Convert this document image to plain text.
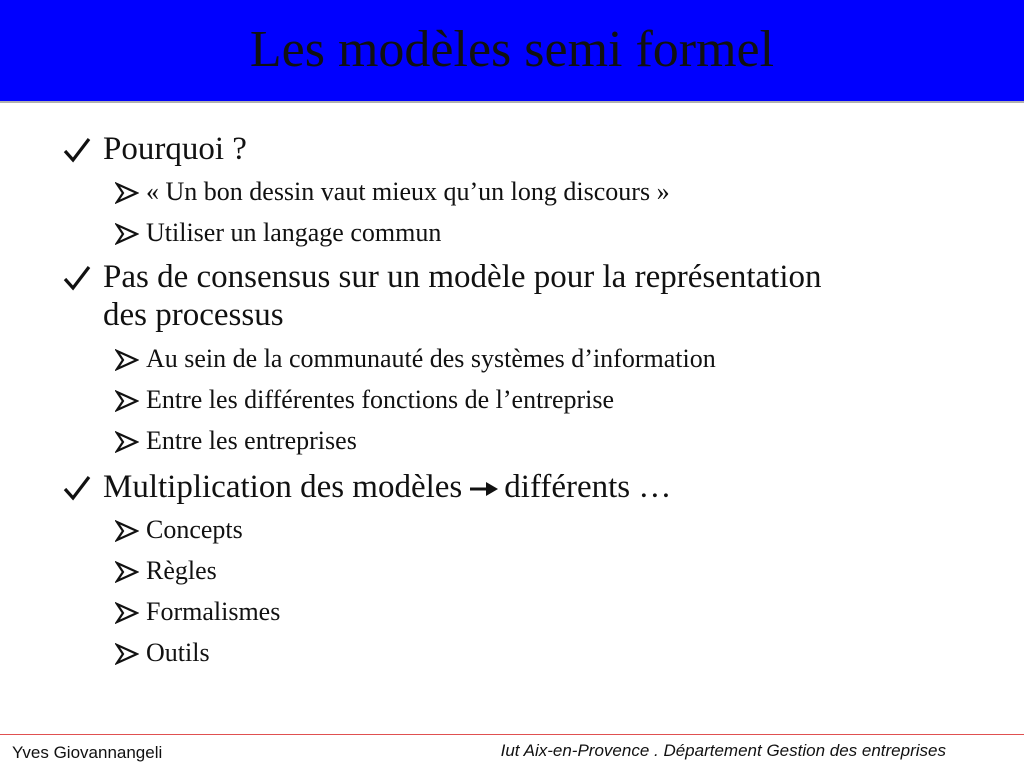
Les modèles semi formel
Pourquoi ?
« Un bon dessin vaut mieux qu’un long discours »
Utiliser un langage commun
Pas de consensus sur un modèle pour la représentation
des processus
Au sein de la communauté des systèmes d’information
Entre les différentes fonctions de l’entreprise
Entre les entreprises
Multiplication des modèles différents …
Concepts
Règles
Formalismes
Outils
Yves Giovannangeli	Iut Aix-en-Provence . Département Gestion des entreprises
